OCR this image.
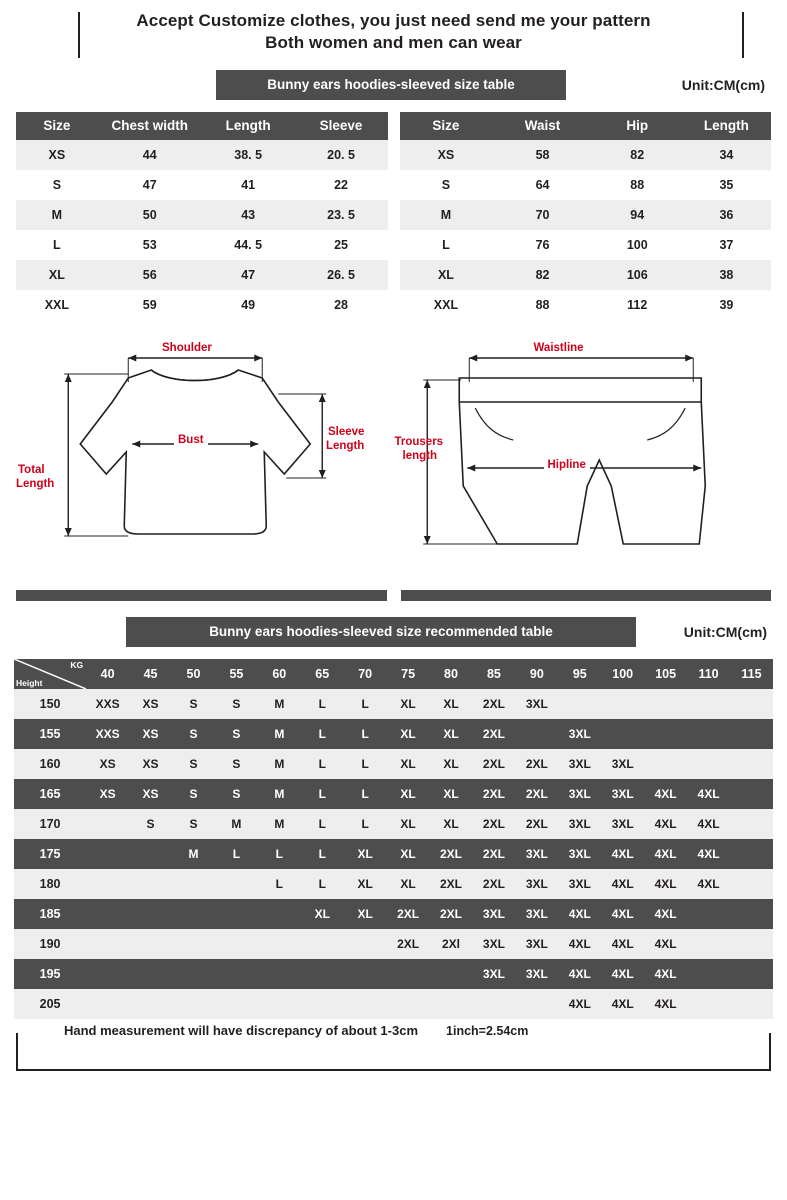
Accept Customize clothes, you just need send me your pattern
Both women and men can wear
Bunny ears hoodies-sleeved size table	Unit:CM(cm)
Size	Chest width	Length	Sleeve
XS	44	38. 5	20. 5
S	47	41	22
M	50	43	23. 5
L	53	44. 5	25
XL	56	47	26. 5
XXL	59	49	28
Size	Waist	Hip	Length
XS	58	82	34
S	64	88	35
M	70	94	36
L	76	100	37
XL	82	106	38
XXL	88	112	39
Shoulder
Bust
Sleeve
Length
Total
Length
Waistline
Hipline
Trousers
length
Bunny ears hoodies-sleeved size recommended table	Unit:CM(cm)
KG
Height	40	45	50	55	60	65	70	75	80	85	90	95	100	105	110	115
150	XXS	XS	S	S	M	L	L	XL	XL	2XL	3XL					
155	XXS	XS	S	S	M	L	L	XL	XL	2XL		3XL				
160	XS	XS	S	S	M	L	L	XL	XL	2XL	2XL	3XL	3XL			
165	XS	XS	S	S	M	L	L	XL	XL	2XL	2XL	3XL	3XL	4XL	4XL	
170		S	S	M	M	L	L	XL	XL	2XL	2XL	3XL	3XL	4XL	4XL	
175			M	L	L	L	XL	XL	2XL	2XL	3XL	3XL	4XL	4XL	4XL	
180					L	L	XL	XL	2XL	2XL	3XL	3XL	4XL	4XL	4XL	
185						XL	XL	2XL	2XL	3XL	3XL	4XL	4XL	4XL		
190								2XL	2Xl	3XL	3XL	4XL	4XL	4XL		
195										3XL	3XL	4XL	4XL	4XL		
205												4XL	4XL	4XL		
Hand measurement will have discrepancy of about 1-3cm	1inch=2.54cm
